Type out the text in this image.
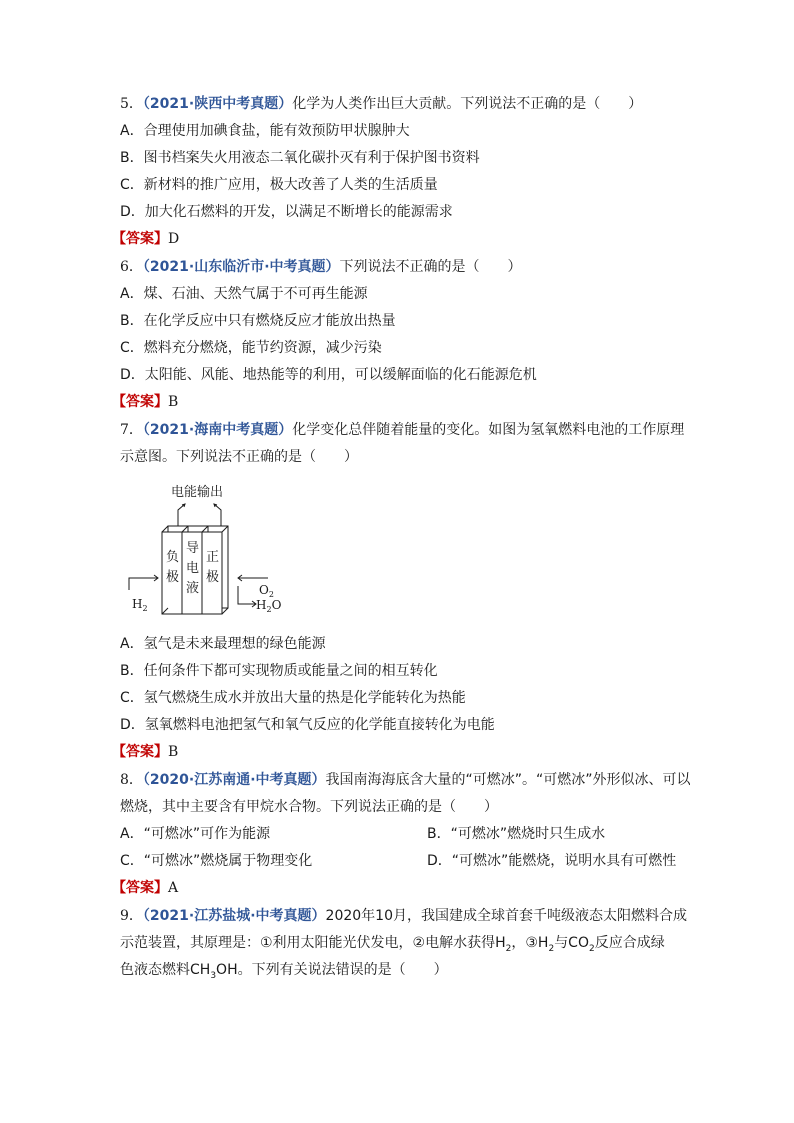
5．（2021·陕西中考真题）化学为人类作出巨大贡献。下列说法不正确的是（　　）
A．合理使用加碘食盐，能有效预防甲状腺肿大
B．图书档案失火用液态二氧化碳扑灭有利于保护图书资料
C．新材料的推广应用，极大改善了人类的生活质量
D．加大化石燃料的开发，以满足不断增长的能源需求
【答案】D
6．（2021·山东临沂市·中考真题）下列说法不正确的是（　　）
A．煤、石油、天然气属于不可再生能源
B．在化学反应中只有燃烧反应才能放出热量
C．燃料充分燃烧，能节约资源，减少污染
D．太阳能、风能、地热能等的利用，可以缓解面临的化石能源危机
【答案】B
7．（2021·海南中考真题）化学变化总伴随着能量的变化。如图为氢氧燃料电池的工作原理
示意图。下列说法不正确的是（　　）
电能输出
负
极
导
电
液
正
极
$H_2$
$O_2$
$H_2O$
A．氢气是未来最理想的绿色能源
B．任何条件下都可实现物质或能量之间的相互转化
C．氢气燃烧生成水并放出大量的热是化学能转化为热能
D．氢氧燃料电池把氢气和氧气反应的化学能直接转化为电能
【答案】B
8．（2020·江苏南通·中考真题）我国南海海底含大量的“可燃冰”。“可燃冰”外形似冰、可以
燃烧，其中主要含有甲烷水合物。下列说法正确的是（　　）
A．“可燃冰”可作为能源	B．“可燃冰”燃烧时只生成水
C．“可燃冰”燃烧属于物理变化	D．“可燃冰”能燃烧，说明水具有可燃性
【答案】A
9．（2021·江苏盐城·中考真题）2020年10月，我国建成全球首套千吨级液态太阳燃料合成
示范装置，其原理是：①利用太阳能光伏发电，②电解水获得$H_2$，$③H_2$与$CO_2$反应合成绿
色液态燃料$CH_3OH$。下列有关说法错误的是（　　）
